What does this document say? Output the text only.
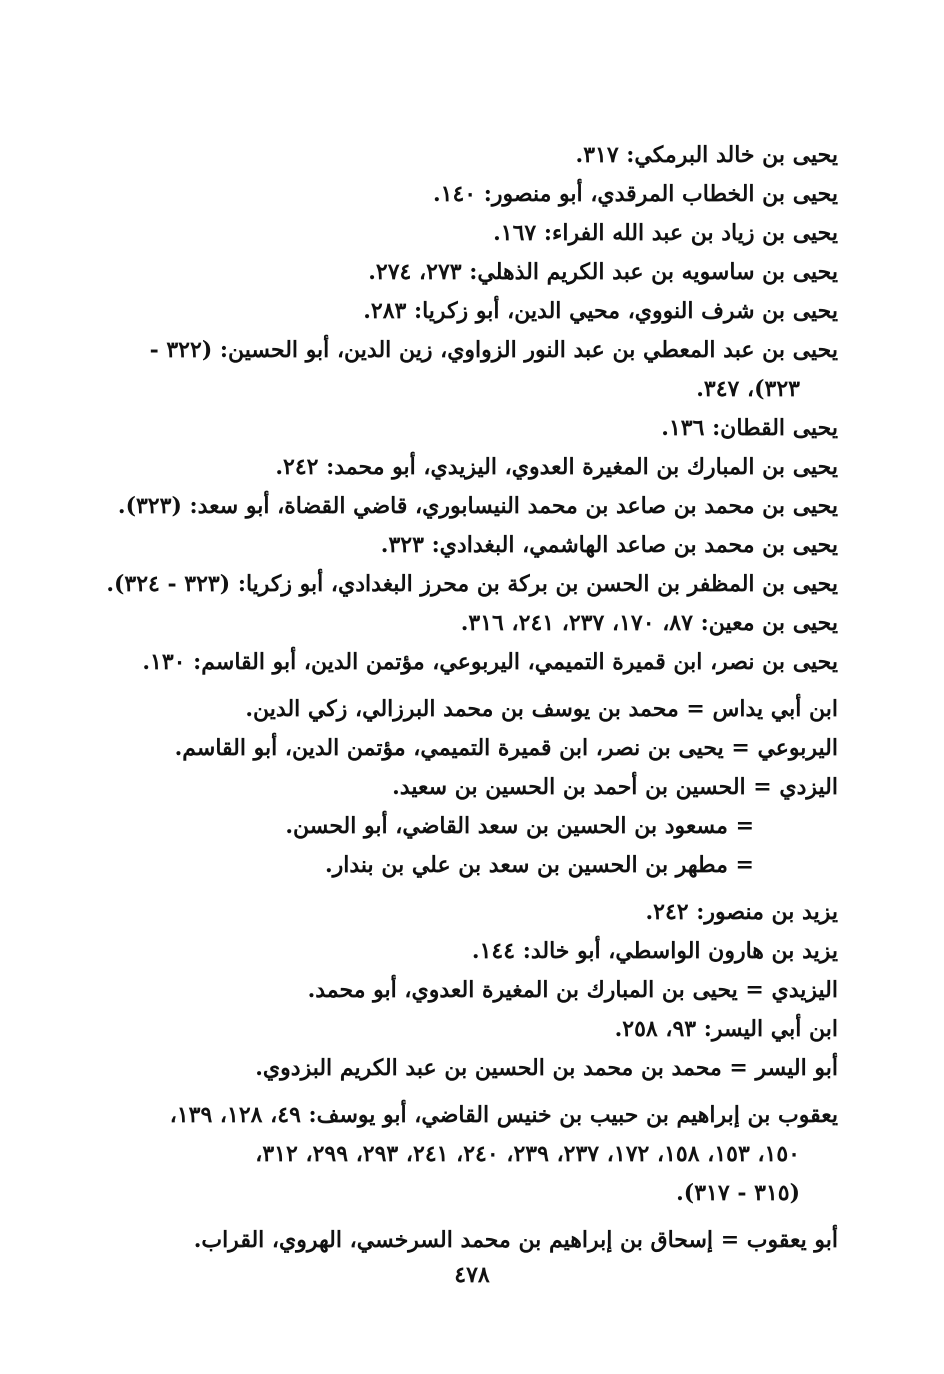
يحيى بن خالد البرمكي: ٣١٧.

يحيى بن الخطاب المرقدي، أبو منصور: ١٤٠.

يحيى بن زياد بن عبد الله الفراء: ١٦٧.

يحيى بن ساسويه بن عبد الكريم الذهلي: ٢٧٣، ٢٧٤.

يحيى بن شرف النووي، محيي الدين، أبو زكريا: ٢٨٣.

يحيى بن عبد المعطي بن عبد النور الزواوي، زين الدين، أبو الحسين: (٣٢٢ -
٣٢٣)، ٣٤٧.

يحيى القطان: ١٣٦.

يحيى بن المبارك بن المغيرة العدوي، اليزيدي، أبو محمد: ٢٤٢.

يحيى بن محمد بن صاعد بن محمد النيسابوري، قاضي القضاة، أبو سعد: (٣٢٣).

يحيى بن محمد بن صاعد الهاشمي، البغدادي: ٣٢٣.

يحيى بن المظفر بن الحسن بن بركة بن محرز البغدادي، أبو زكريا: (٣٢٣ - ٣٢٤).

يحيى بن معين: ٨٧، ١٧٠، ٢٣٧، ٢٤١، ٣١٦.

يحيى بن نصر، ابن قميرة التميمي، اليربوعي، مؤتمن الدين، أبو القاسم: ١٣٠.

ابن أبي يداس = محمد بن يوسف بن محمد البرزالي، زكي الدين.

اليربوعي = يحيى بن نصر، ابن قميرة التميمي، مؤتمن الدين، أبو القاسم.

اليزدي = الحسين بن أحمد بن الحسين بن سعيد.

= مسعود بن الحسين بن سعد القاضي، أبو الحسن.

= مطهر بن الحسين بن سعد بن علي بن بندار.

يزيد بن منصور: ٢٤٢.

يزيد بن هارون الواسطي، أبو خالد: ١٤٤.

اليزيدي = يحيى بن المبارك بن المغيرة العدوي، أبو محمد.

ابن أبي اليسر: ٩٣، ٢٥٨.

أبو اليسر = محمد بن محمد بن الحسين بن عبد الكريم البزدوي.

يعقوب بن إبراهيم بن حبيب بن خنيس القاضي، أبو يوسف: ٤٩، ١٢٨، ١٣٩،
١٥٠، ١٥٣، ١٥٨، ١٧٢، ٢٣٧، ٢٣٩، ٢٤٠، ٢٤١، ٢٩٣، ٢٩٩، ٣١٢،
(٣١٥ - ٣١٧).

أبو يعقوب = إسحاق بن إبراهيم بن محمد السرخسي، الهروي، القراب.

٤٧٨
